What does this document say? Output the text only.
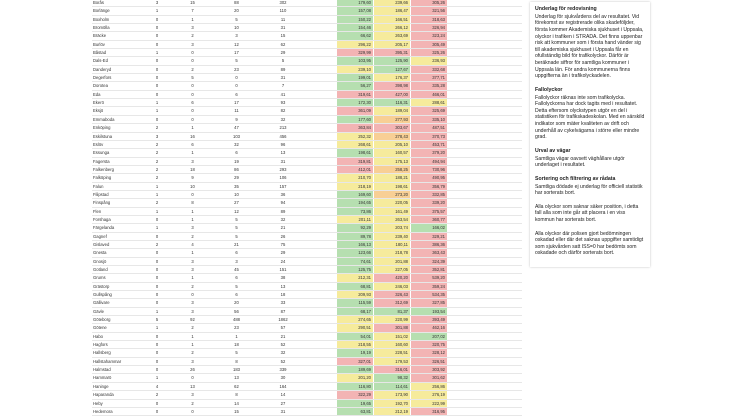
Borås	3	15	88	302	179,60	239,66	305,26
Borlänge	1	7	20	110	157,08	186,47	321,56
Boxholm	0	1	5	11	150,22	166,51	318,63
Bromölla	0	3	10	31	154,46	266,12	326,94
Bräcke	0	2	3	15	66,62	263,69	323,24
Burlöv	0	3	12	62	296,22	205,17	305,49
Båstad	1	0	17	29	329,99	395,31	325,26
Dals-Ed	0	0	5	5	103,95	125,90	236,93
Danderyd	0	2	23	89	239,10	127,67	332,68
Degerfors	0	5	0	31	199,01	176,37	377,71
Dorotea	0	0	0	7	56,27	398,98	335,28
Eda	0	0	6	41	319,61	427,00	466,01
Ekerö	1	6	17	93	172,30	116,31	288,61
Eksjö	1	0	11	82	361,09	189,04	325,69
Emmaboda	0	0	9	32	177,60	277,93	335,10
Enköping	2	1	47	213	363,84	303,67	487,51
Eskilstuna	3	16	103	456	252,32	278,43	370,73
Eslöv	2	6	32	96	268,61	205,10	453,71
Essunga	2	1	6	13	198,61	160,57	379,20
Fagersta	2	3	19	31	319,81	175,13	494,94
Falkenberg	2	18	86	293	412,01	258,25	730,96
Falköping	2	9	29	106	210,70	188,21	490,95
Falun	1	10	35	157	218,19	198,61	356,79
Filipstad	1	0	10	36	169,60	273,20	332,85
Finspång	2	8	27	94	194,65	220,05	339,20
Flen	1	1	12	89	73,86	161,49	375,57
Forshaga	0	1	5	32	201,11	263,54	360,77
Färgelanda	1	3	5	21	92,29	203,74	166,02
Gagnef	0	2	5	26	89,78	239,40	329,21
Gislaved	2	4	21	75	166,13	180,11	386,36
Gnesta	0	1	6	29	123,66	218,78	363,43
Gnosjö	0	3	3	24	74,61	201,88	324,39
Gotland	0	3	45	151	125,75	227,05	352,81
Grums	0	1	6	38	212,31	420,20	539,20
Grästorp	0	2	5	13	68,81	246,03	359,24
Gullspång	0	0	6	18	209,93	326,43	534,35
Gällivare	0	3	20	33	115,59	312,69	327,85
Gävle	1	3	56	87	68,17	81,37	193,54
Göteborg	5	92	488	1862	274,65	220,99	393,49
Götene	1	2	23	57	290,51	301,88	462,16
Habo	0	1	1	21	54,01	151,02	207,02
Hagfors	0	1	18	52	218,55	160,60	320,75
Hallsberg	0	2	5	32	19,19	228,51	328,12
Hallstahammar	0	3	8	52	327,01	179,53	326,51
Halmstad	0	26	183	339	189,69	316,01	303,92
Hammarö	1	0	13	30	201,20	98,32	301,62
Haninge	4	13	62	164	116,80	114,61	256,86
Haparanda	2	3	8	14	322,29	173,90	276,19
Heby	0	2	14	27	19,65	192,70	222,99
Hedemora	0	0	15	31	63,81	212,19	316,95
Underlag för redovisning

Underlag för sjukvårdens del av resultatet. Vid förekomst av registrerade olika skadeföljder, första kommer Akademiska sjukhuset i Uppsala, olyckor i trafiken i STRADA. Det finns uppenbar risk att kommuner som i första hand vänder sig till akademiska sjukhuset i Uppsala får en ofullständig bild för trafikolyckor. Därför är beräknade siffror för samtliga kommuner i Uppsala län. För andra kommunerna finns uppgifterna än i trafikolyckadelen.

Fallolyckor

Fallolyckor räknas inte som trafikolycka. Fallolyckorna har dock tagits med i resultatet. Detta eftersom olyckstypen utgör en del i statistiken för trafikskadeskolan. Med en särskild indikator som mäter kvaliteten av drift och underhåll av cykelvägarna i större eller mindre grad.

Urval av vägar

Samtliga vägar oavsett väghållare utgör underlaget i resultatet.

Sortering och filtrering av rådata

Samtliga dödade ej underlag för officiell statistik har sorterats bort.

Alla olyckor som saknar säker position, i detta fall alla som inte går att placera i en viss kommun har sorterats bort.

Alla olyckor där polisen gjort bedömningen oskadad eller där det saknas uppgifter samtidigt som sjukvården satt ISS=0 har bedömts som oskadade och därför sorterats bort.
